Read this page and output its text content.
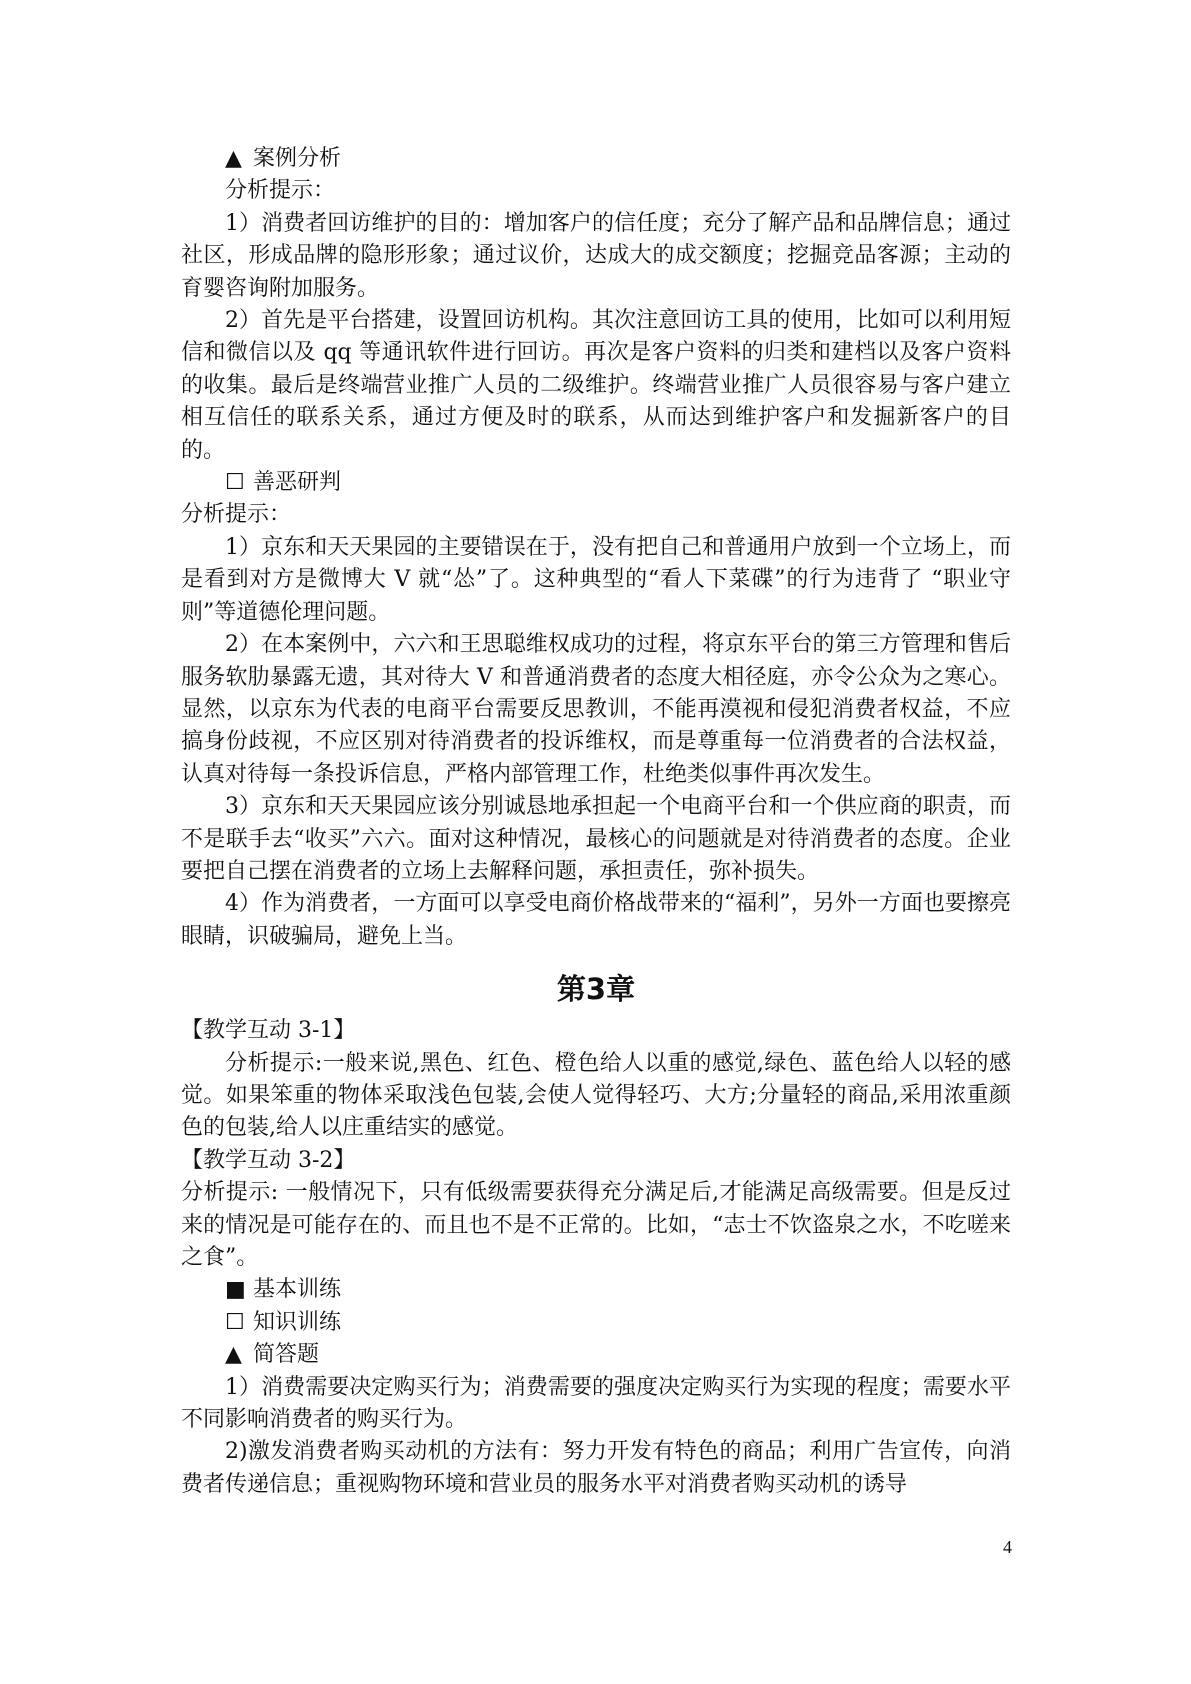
▲ 案例分析

分析提示：

1）消费者回访维护的目的：增加客户的信任度；充分了解产品和品牌信息；通过社区，形成品牌的隐形形象；通过议价，达成大的成交额度；挖掘竞品客源；主动的育婴咨询附加服务。

2）首先是平台搭建，设置回访机构。其次注意回访工具的使用，比如可以利用短信和微信以及 qq 等通讯软件进行回访。再次是客户资料的归类和建档以及客户资料的收集。最后是终端营业推广人员的二级维护。终端营业推广人员很容易与客户建立相互信任的联系关系，通过方便及时的联系，从而达到维护客户和发掘新客户的目的。

☐ 善恶研判

分析提示：

1）京东和天天果园的主要错误在于，没有把自己和普通用户放到一个立场上，而是看到对方是微博大 V 就“怂”了。这种典型的“看人下菜碟”的行为违背了 “职业守则”等道德伦理问题。

2）在本案例中，六六和王思聪维权成功的过程，将京东平台的第三方管理和售后服务软肋暴露无遗，其对待大 V 和普通消费者的态度大相径庭，亦令公众为之寒心。显然，以京东为代表的电商平台需要反思教训，不能再漠视和侵犯消费者权益，不应搞身份歧视，不应区别对待消费者的投诉维权，而是尊重每一位消费者的合法权益，认真对待每一条投诉信息，严格内部管理工作，杜绝类似事件再次发生。

3）京东和天天果园应该分别诚恳地承担起一个电商平台和一个供应商的职责，而不是联手去“收买”六六。面对这种情况，最核心的问题就是对待消费者的态度。企业要把自己摆在消费者的立场上去解释问题，承担责任，弥补损失。

4）作为消费者，一方面可以享受电商价格战带来的“福利”，另外一方面也要擦亮眼睛，识破骗局，避免上当。

第3章

【教学互动 3-1】

分析提示:一般来说,黑色、红色、橙色给人以重的感觉,绿色、蓝色给人以轻的感觉。如果笨重的物体采取浅色包装,会使人觉得轻巧、大方;分量轻的商品,采用浓重颜色的包装,给人以庄重结实的感觉。

【教学互动 3-2】

分析提示: 一般情况下，只有低级需要获得充分满足后,才能满足高级需要。但是反过来的情况是可能存在的、而且也不是不正常的。比如，“志士不饮盗泉之水，不吃嗟来之食”。

■ 基本训练
☐ 知识训练
▲ 简答题

1）消费需要决定购买行为；消费需要的强度决定购买行为实现的程度；需要水平不同影响消费者的购买行为。

2)激发消费者购买动机的方法有：努力开发有特色的商品；利用广告宣传，向消费者传递信息；重视购物环境和营业员的服务水平对消费者购买动机的诱导

4
